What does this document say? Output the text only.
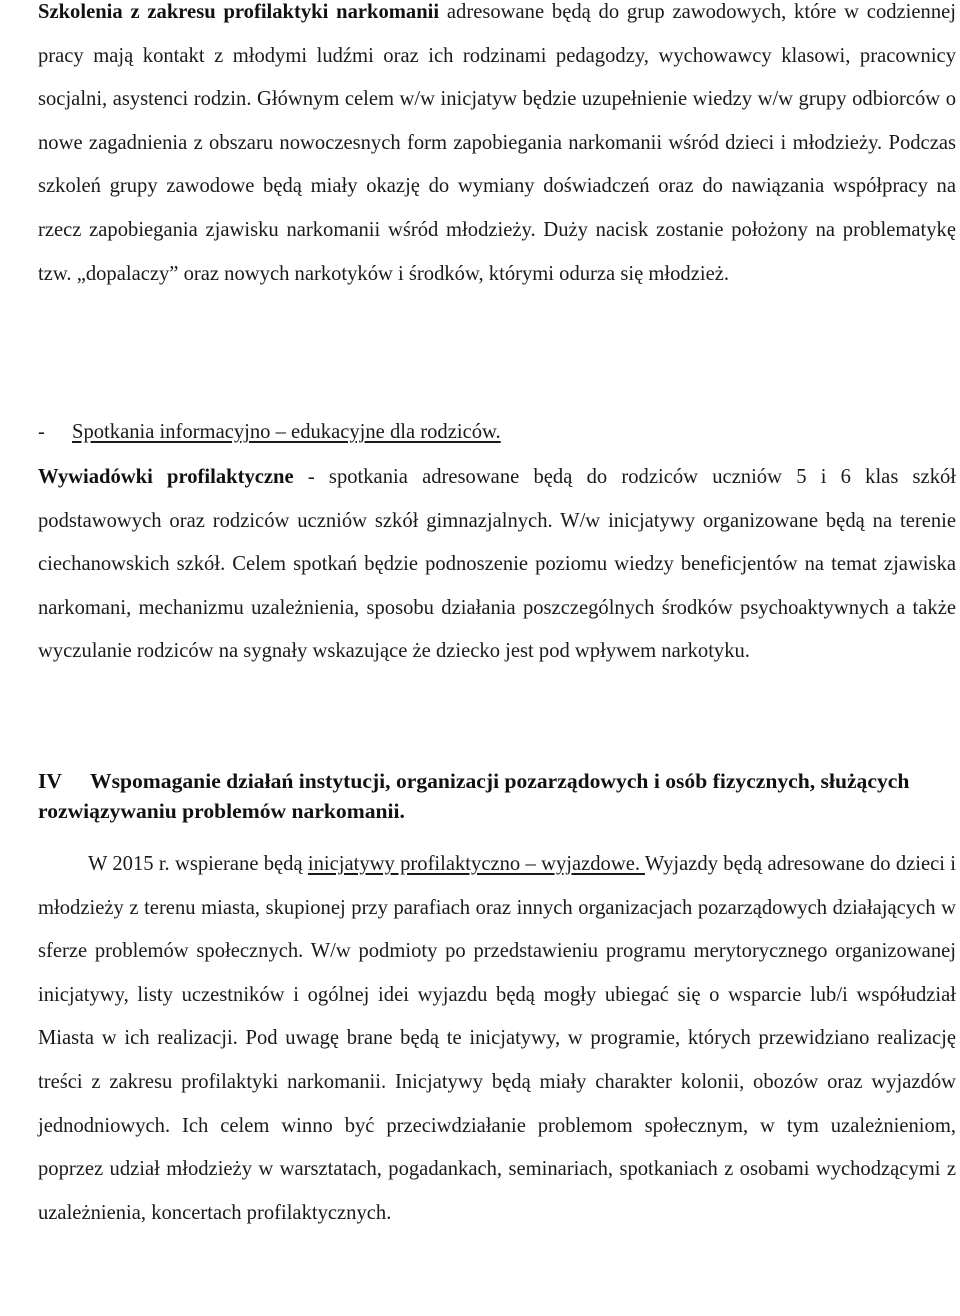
Szkolenia z zakresu profilaktyki narkomanii adresowane będą do grup zawodowych, które w codziennej pracy mają kontakt z młodymi ludźmi oraz ich rodzinami pedagodzy, wychowawcy klasowi, pracownicy socjalni, asystenci rodzin. Głównym celem w/w inicjatyw będzie uzupełnienie wiedzy w/w grupy odbiorców o nowe zagadnienia z obszaru nowoczesnych form zapobiegania narkomanii wśród dzieci i młodzieży. Podczas szkoleń grupy zawodowe będą miały okazję do wymiany doświadczeń oraz do nawiązania współpracy na rzecz zapobiegania zjawisku narkomanii wśród młodzieży. Duży nacisk zostanie położony na problematykę tzw. „dopalaczy” oraz nowych narkotyków i środków, którymi odurza się młodzież.

- Spotkania informacyjno – edukacyjne dla rodziców.

Wywiadówki profilaktyczne - spotkania adresowane będą do rodziców uczniów 5 i 6 klas szkół podstawowych oraz rodziców uczniów szkół gimnazjalnych. W/w inicjatywy organizowane będą na terenie ciechanowskich szkół. Celem spotkań będzie podnoszenie poziomu wiedzy beneficjentów na temat zjawiska narkomani, mechanizmu uzależnienia, sposobu działania poszczególnych środków psychoaktywnych a także wyczulanie rodziców na sygnały wskazujące że dziecko jest pod wpływem narkotyku.

IV Wspomaganie działań instytucji, organizacji pozarządowych i osób fizycznych, służących rozwiązywaniu problemów narkomanii.

W 2015 r. wspierane będą inicjatywy profilaktyczno – wyjazdowe. Wyjazdy będą adresowane do dzieci i młodzieży z terenu miasta, skupionej przy parafiach oraz innych organizacjach pozarządowych działających w sferze problemów społecznych. W/w podmioty po przedstawieniu programu merytorycznego organizowanej inicjatywy, listy uczestników i ogólnej idei wyjazdu będą mogły ubiegać się o wsparcie lub/i współudział Miasta w ich realizacji. Pod uwagę brane będą te inicjatywy, w programie, których przewidziano realizację treści z zakresu profilaktyki narkomanii. Inicjatywy będą miały charakter kolonii, obozów oraz wyjazdów jednodniowych. Ich celem winno być przeciwdziałanie problemom społecznym, w tym uzależnieniom, poprzez udział młodzieży w warsztatach, pogadankach, seminariach, spotkaniach z osobami wychodzącymi z uzależnienia, koncertach profilaktycznych.
